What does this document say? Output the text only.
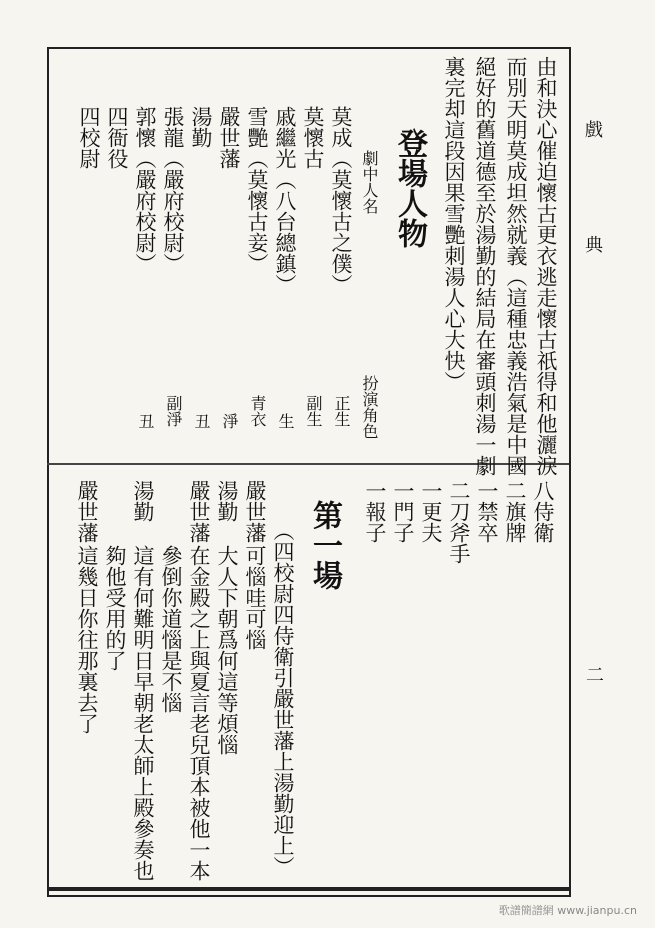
戲
典
二
由和決心催迫懷古更衣逃走懷古祇得和他灑淚
而別天明莫成坦然就義（這種忠義浩氣是中國
絕好的舊道德至於湯勤的結局在審頭刺湯一劇
裏完却這段因果雪艷刺湯人心大快）
登場人物
劇中人名
扮演角色
莫成（莫懷古之僕）
正生
莫懷古
副生
戚繼光（八台總鎮）
生
雪艷（莫懷古妾）
青衣
嚴世藩
淨
湯勤
丑
張龍（嚴府校尉）
副淨
郭懷（嚴府校尉）
丑
四衙役
四校尉
八侍衛
二旗牌
一禁卒
二刀斧手
一更夫
一門子
一報子
第一場
（四校尉四侍衛引嚴世藩上湯勤迎上）
嚴世藩
可惱哇可惱
湯勤
大人下朝爲何這等煩惱
嚴世藩
在金殿之上與夏言老兒頂本被他一本
參倒你道惱是不惱
湯勤
這有何難明日早朝老太師上殿參奏也
夠他受用的了
嚴世藩
這幾日你往那裏去了
歌譜簡譜網 www.jianpu.cn
